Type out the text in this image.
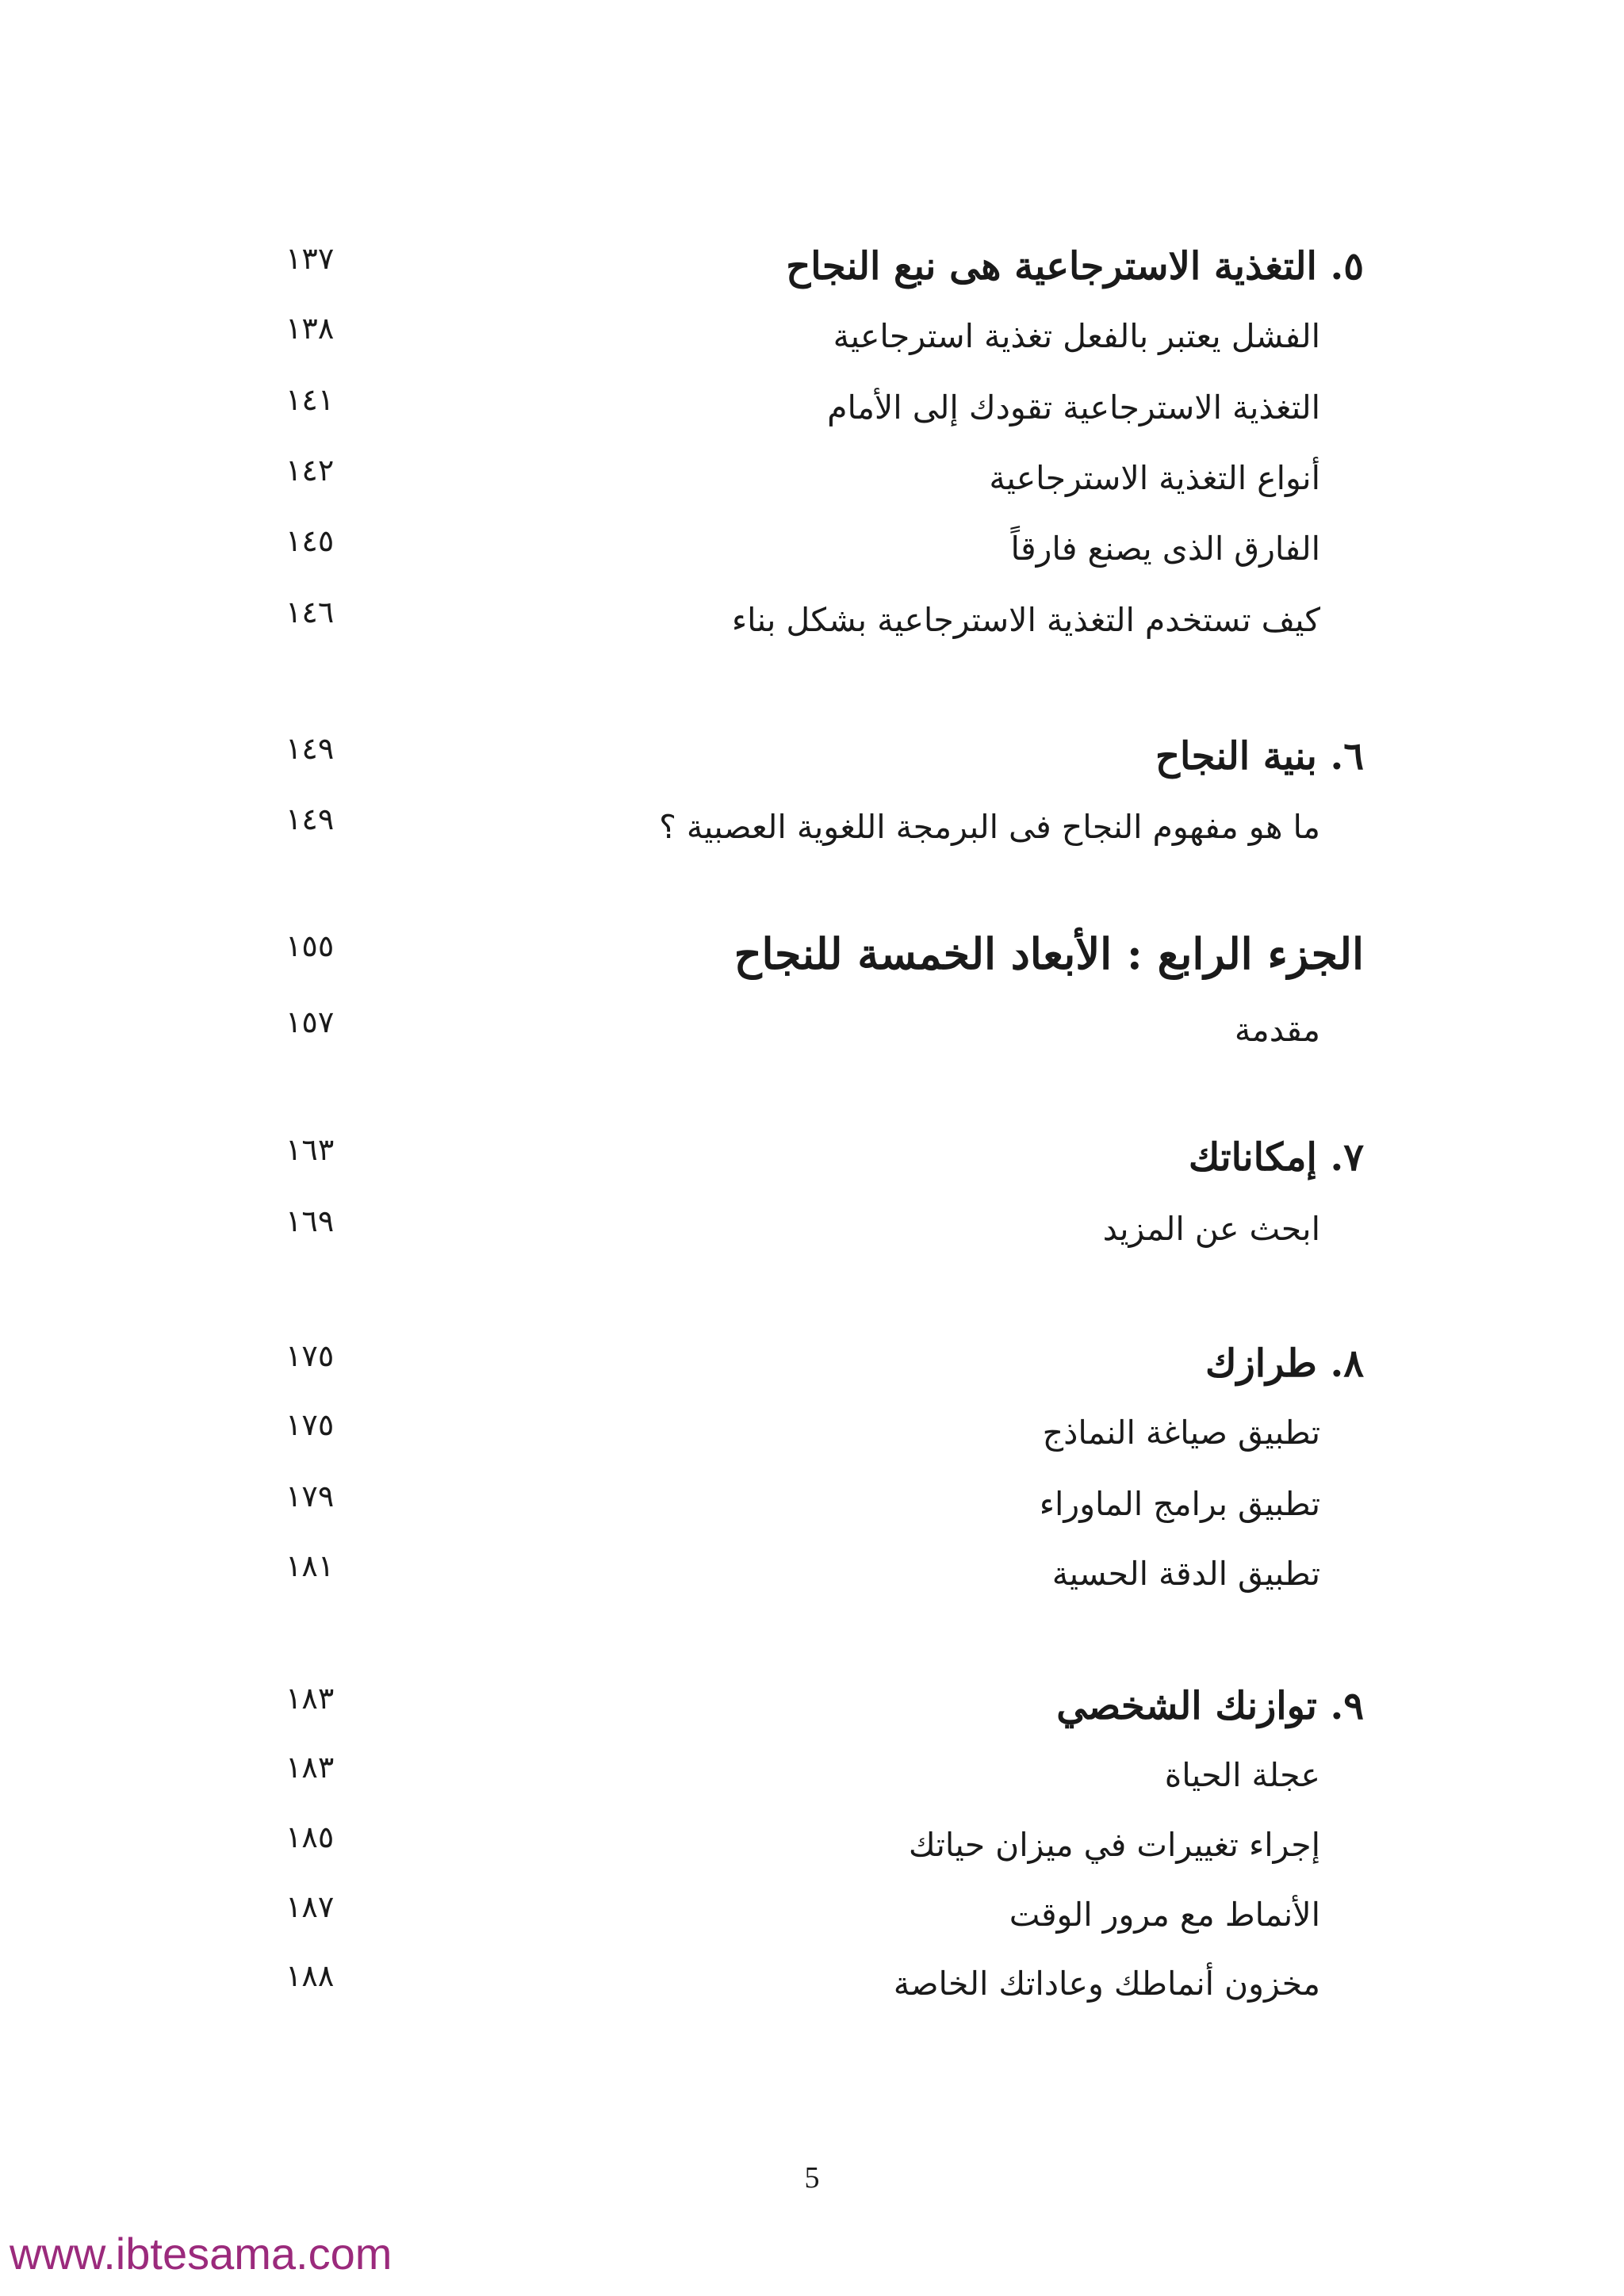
٥. التغذية الاسترجاعية هى نبع النجاح
١٣٧
الفشل يعتبر بالفعل تغذية استرجاعية
١٣٨
التغذية الاسترجاعية تقودك إلى الأمام
١٤١
أنواع التغذية الاسترجاعية
١٤٢
الفارق الذى يصنع فارقاً
١٤٥
كيف تستخدم التغذية الاسترجاعية بشكل بناء
١٤٦
٦. بنية النجاح
١٤٩
ما هو مفهوم النجاح فى البرمجة اللغوية العصبية ؟
١٤٩
الجزء الرابع : الأبعاد الخمسة للنجاح
١٥٥
مقدمة
١٥٧
٧. إمكاناتك
١٦٣
ابحث عن المزيد
١٦٩
٨. طرازك
١٧٥
تطبيق صياغة النماذج
١٧٥
تطبيق برامج الماوراء
١٧٩
تطبيق الدقة الحسية
١٨١
٩. توازنك الشخصي
١٨٣
عجلة الحياة
١٨٣
إجراء تغييرات في ميزان حياتك
١٨٥
الأنماط مع مرور الوقت
١٨٧
مخزون أنماطك وعاداتك الخاصة
١٨٨
5
www.ibtesama.com
